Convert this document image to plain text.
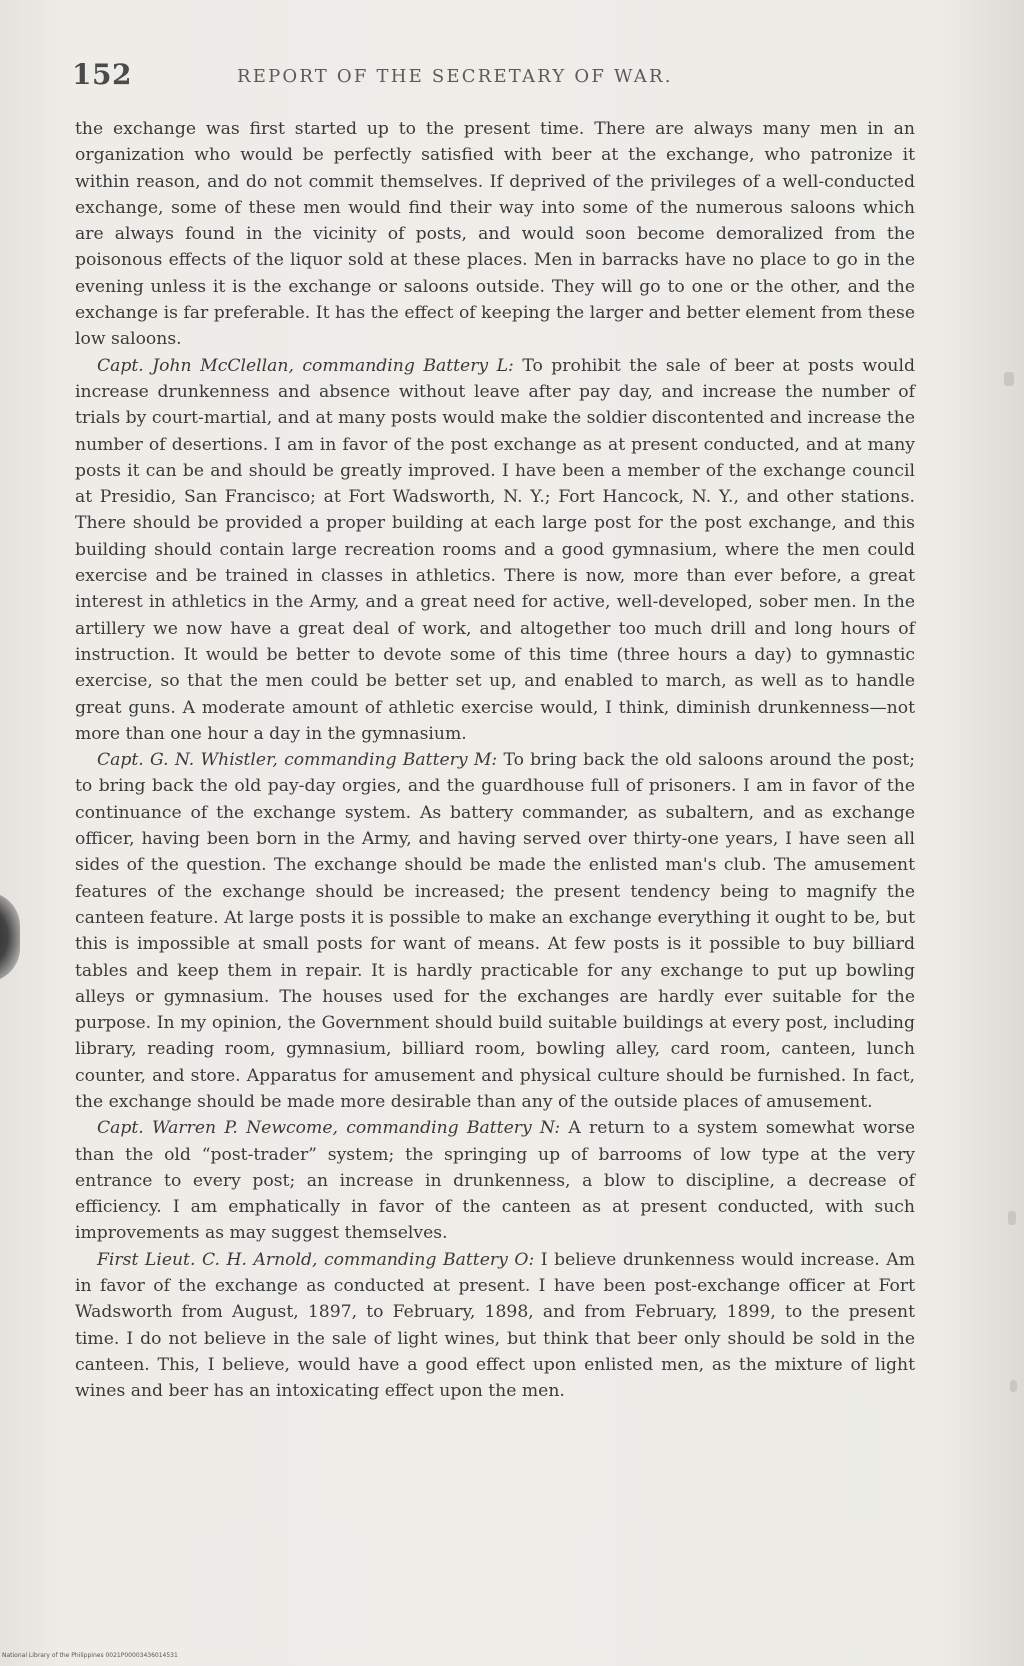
152	REPORT OF THE SECRETARY OF WAR.

the exchange was first started up to the present time. There are always many men in an organization who would be perfectly satisfied with beer at the exchange, who patronize it within reason, and do not commit themselves. If deprived of the privileges of a well-conducted exchange, some of these men would find their way into some of the numerous saloons which are always found in the vicinity of posts, and would soon become demoralized from the poisonous effects of the liquor sold at these places. Men in barracks have no place to go in the evening unless it is the exchange or saloons outside. They will go to one or the other, and the exchange is far preferable. It has the effect of keeping the larger and better element from these low saloons.

Capt. John McClellan, commanding Battery L: To prohibit the sale of beer at posts would increase drunkenness and absence without leave after pay day, and increase the number of trials by court-martial, and at many posts would make the soldier discontented and increase the number of desertions. I am in favor of the post exchange as at present conducted, and at many posts it can be and should be greatly improved. I have been a member of the exchange council at Presidio, San Francisco; at Fort Wadsworth, N. Y.; Fort Hancock, N. Y., and other stations. There should be provided a proper building at each large post for the post exchange, and this building should contain large recreation rooms and a good gymnasium, where the men could exercise and be trained in classes in athletics. There is now, more than ever before, a great interest in athletics in the Army, and a great need for active, well-developed, sober men. In the artillery we now have a great deal of work, and altogether too much drill and long hours of instruction. It would be better to devote some of this time (three hours a day) to gymnastic exercise, so that the men could be better set up, and enabled to march, as well as to handle great guns. A moderate amount of athletic exercise would, I think, diminish drunkenness—not more than one hour a day in the gymnasium.

Capt. G. N. Whistler, commanding Battery M: To bring back the old saloons around the post; to bring back the old pay-day orgies, and the guardhouse full of prisoners. I am in favor of the continuance of the exchange system. As battery commander, as subaltern, and as exchange officer, having been born in the Army, and having served over thirty-one years, I have seen all sides of the question. The exchange should be made the enlisted man's club. The amusement features of the exchange should be increased; the present tendency being to magnify the canteen feature. At large posts it is possible to make an exchange everything it ought to be, but this is impossible at small posts for want of means. At few posts is it possible to buy billiard tables and keep them in repair. It is hardly practicable for any exchange to put up bowling alleys or gymnasium. The houses used for the exchanges are hardly ever suitable for the purpose. In my opinion, the Government should build suitable buildings at every post, including library, reading room, gymnasium, billiard room, bowling alley, card room, canteen, lunch counter, and store. Apparatus for amusement and physical culture should be furnished. In fact, the exchange should be made more desirable than any of the outside places of amusement.

Capt. Warren P. Newcome, commanding Battery N: A return to a system somewhat worse than the old “post-trader” system; the springing up of barrooms of low type at the very entrance to every post; an increase in drunkenness, a blow to discipline, a decrease of efficiency. I am emphatically in favor of the canteen as at present conducted, with such improvements as may suggest themselves.

First Lieut. C. H. Arnold, commanding Battery O: I believe drunkenness would increase. Am in favor of the exchange as conducted at present. I have been post-exchange officer at Fort Wadsworth from August, 1897, to February, 1898, and from February, 1899, to the present time. I do not believe in the sale of light wines, but think that beer only should be sold in the canteen. This, I believe, would have a good effect upon enlisted men, as the mixture of light wines and beer has an intoxicating effect upon the men.

National Library of the Philippines 0021P00003436014531
